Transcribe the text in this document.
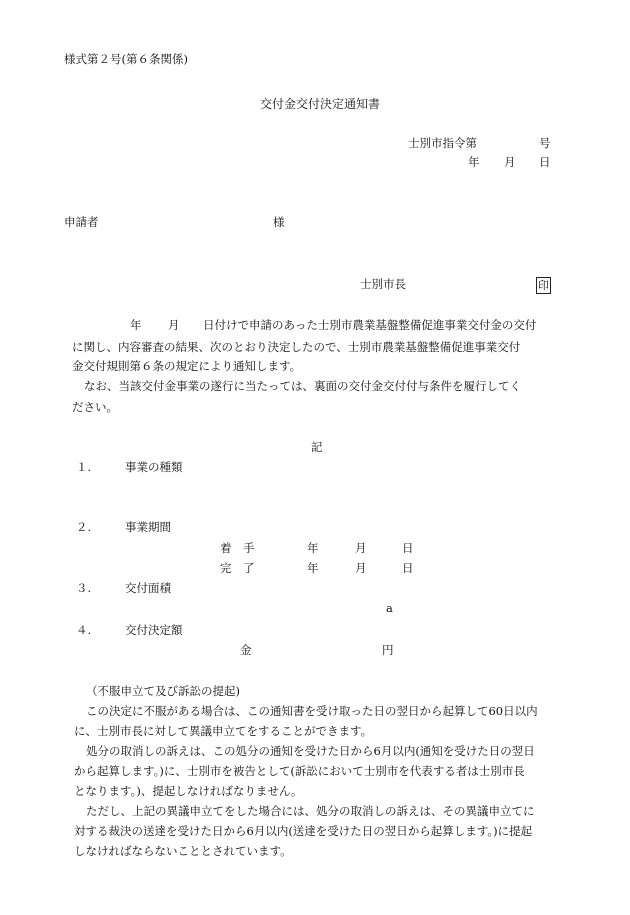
様式第２号(第６条関係)
交付金交付決定通知書
士別市指令第	号
年 月 日
申請者	様
士別市長	印
年 月 日付けで申請のあった士別市農業基盤整備促進事業交付金の交付
に関し、内容審査の結果、次のとおり決定したので、士別市農業基盤整備促進事業交付
金交付規則第６条の規定により通知します。
なお、当該交付金事業の遂行に当たっては、裏面の交付金交付付与条件を履行してく
ださい。
記
１.	事業の種類
２.	事業期間
着　手	年	月	日
完　了	年	月	日
３.	交付面積
a
４.	交付決定額
金	円
（不服申立て及び訴訟の提起)
この決定に不服がある場合は、この通知書を受け取った日の翌日から起算して60日以内
に、士別市長に対して異議申立てをすることができます。
処分の取消しの訴えは、この処分の通知を受けた日から6月以内(通知を受けた日の翌日
から起算します。)に、士別市を被告として(訴訟において士別市を代表する者は士別市長
となります。)、提起しなければなりません。
ただし、上記の異議申立てをした場合には、処分の取消しの訴えは、その異議申立てに
対する裁決の送達を受けた日から6月以内(送達を受けた日の翌日から起算します。)に提起
しなければならないこととされています。
